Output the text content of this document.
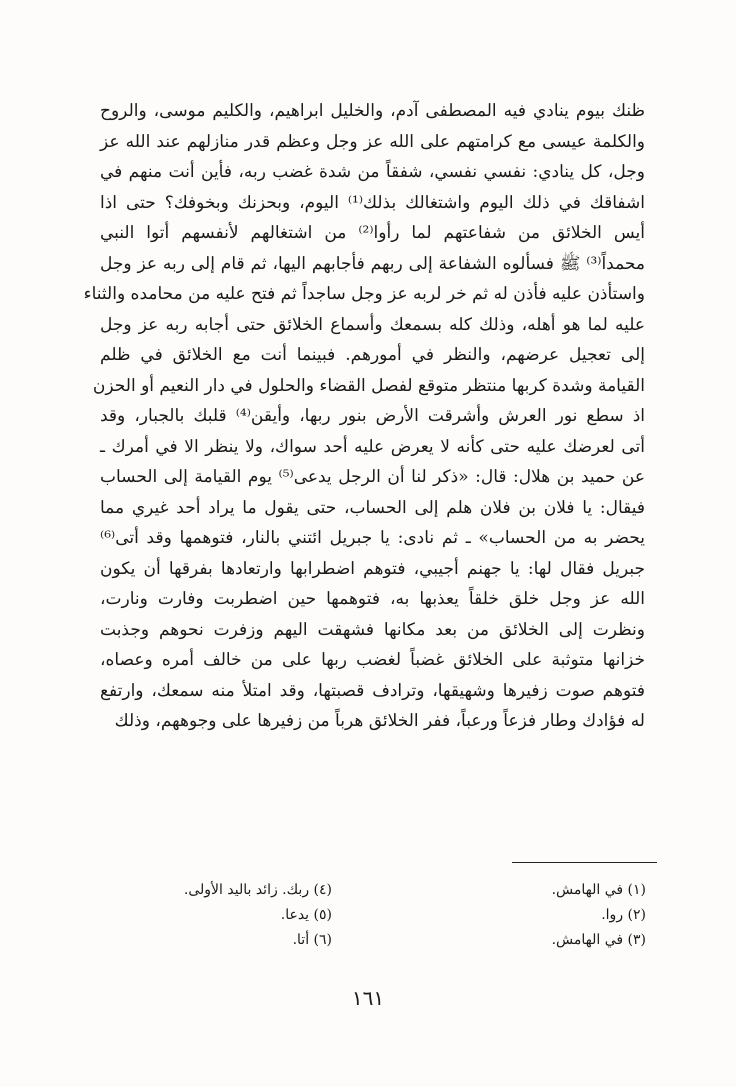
ظنك بيوم ينادي فيه المصطفى آدم، والخليل ابراهيم، والكليم موسى، والروح
والكلمة عيسى مع كرامتهم على الله عز وجل وعظم قدر منازلهم عند الله عز
وجل، كل ينادي: نفسي نفسي، شفقاً من شدة غضب ربه، فأين أنت منهم في
اشفاقك في ذلك اليوم واشتغالك بذلك⁽¹⁾ اليوم، وبحزنك وبخوفك؟ حتى اذا
أيس الخلائق من شفاعتهم لما رأوا⁽²⁾ من اشتغالهم لأنفسهم أتوا النبي
محمداً⁽³⁾ ﷺ فسألوه الشفاعة إلى ربهم فأجابهم اليها، ثم قام إلى ربه عز وجل
واستأذن عليه فأذن له ثم خر لربه عز وجل ساجداً ثم فتح عليه من محامده والثناء
عليه لما هو أهله، وذلك كله بسمعك وأسماع الخلائق حتى أجابه ربه عز وجل
إلى تعجيل عرضهم، والنظر في أمورهم. فبينما أنت مع الخلائق في ظلم
القيامة وشدة كربها منتظر متوقع لفصل القضاء والحلول في دار النعيم أو الحزن
اذ سطع نور العرش وأشرقت الأرض بنور ربها، وأيقن⁽⁴⁾ قلبك بالجبار، وقد
أتى لعرضك عليه حتى كأنه لا يعرض عليه أحد سواك، ولا ينظر الا في أمرك ـ
عن حميد بن هلال: قال: «ذكر لنا أن الرجل يدعى⁽⁵⁾ يوم القيامة إلى الحساب
فيقال: يا فلان بن فلان هلم إلى الحساب، حتى يقول ما يراد أحد غيري مما
يحضر به من الحساب» ـ ثم نادى: يا جبريل ائتني بالنار، فتوهمها وقد أتى⁽⁶⁾
جبريل فقال لها: يا جهنم أجيبي، فتوهم اضطرابها وارتعادها بفرقها أن يكون
الله عز وجل خلق خلقاً يعذبها به، فتوهمها حين اضطربت وفارت ونارت،
ونظرت إلى الخلائق من بعد مكانها فشهقت اليهم وزفرت نحوهم وجذبت
خزانها متوثبة على الخلائق غضباً لغضب ربها على من خالف أمره وعصاه،
فتوهم صوت زفيرها وشهيقها، وترادف قصبتها، وقد امتلأ منه سمعك، وارتفع
له فؤادك وطار فزعاً ورعباً، ففر الخلائق هرباً من زفيرها على وجوههم، وذلك
(١) في الهامش.
(٢) روا.
(٣) في الهامش.
(٤) ربك. زائد باليد الأولى.
(٥) يدعا.
(٦) أتا.
١٦١
